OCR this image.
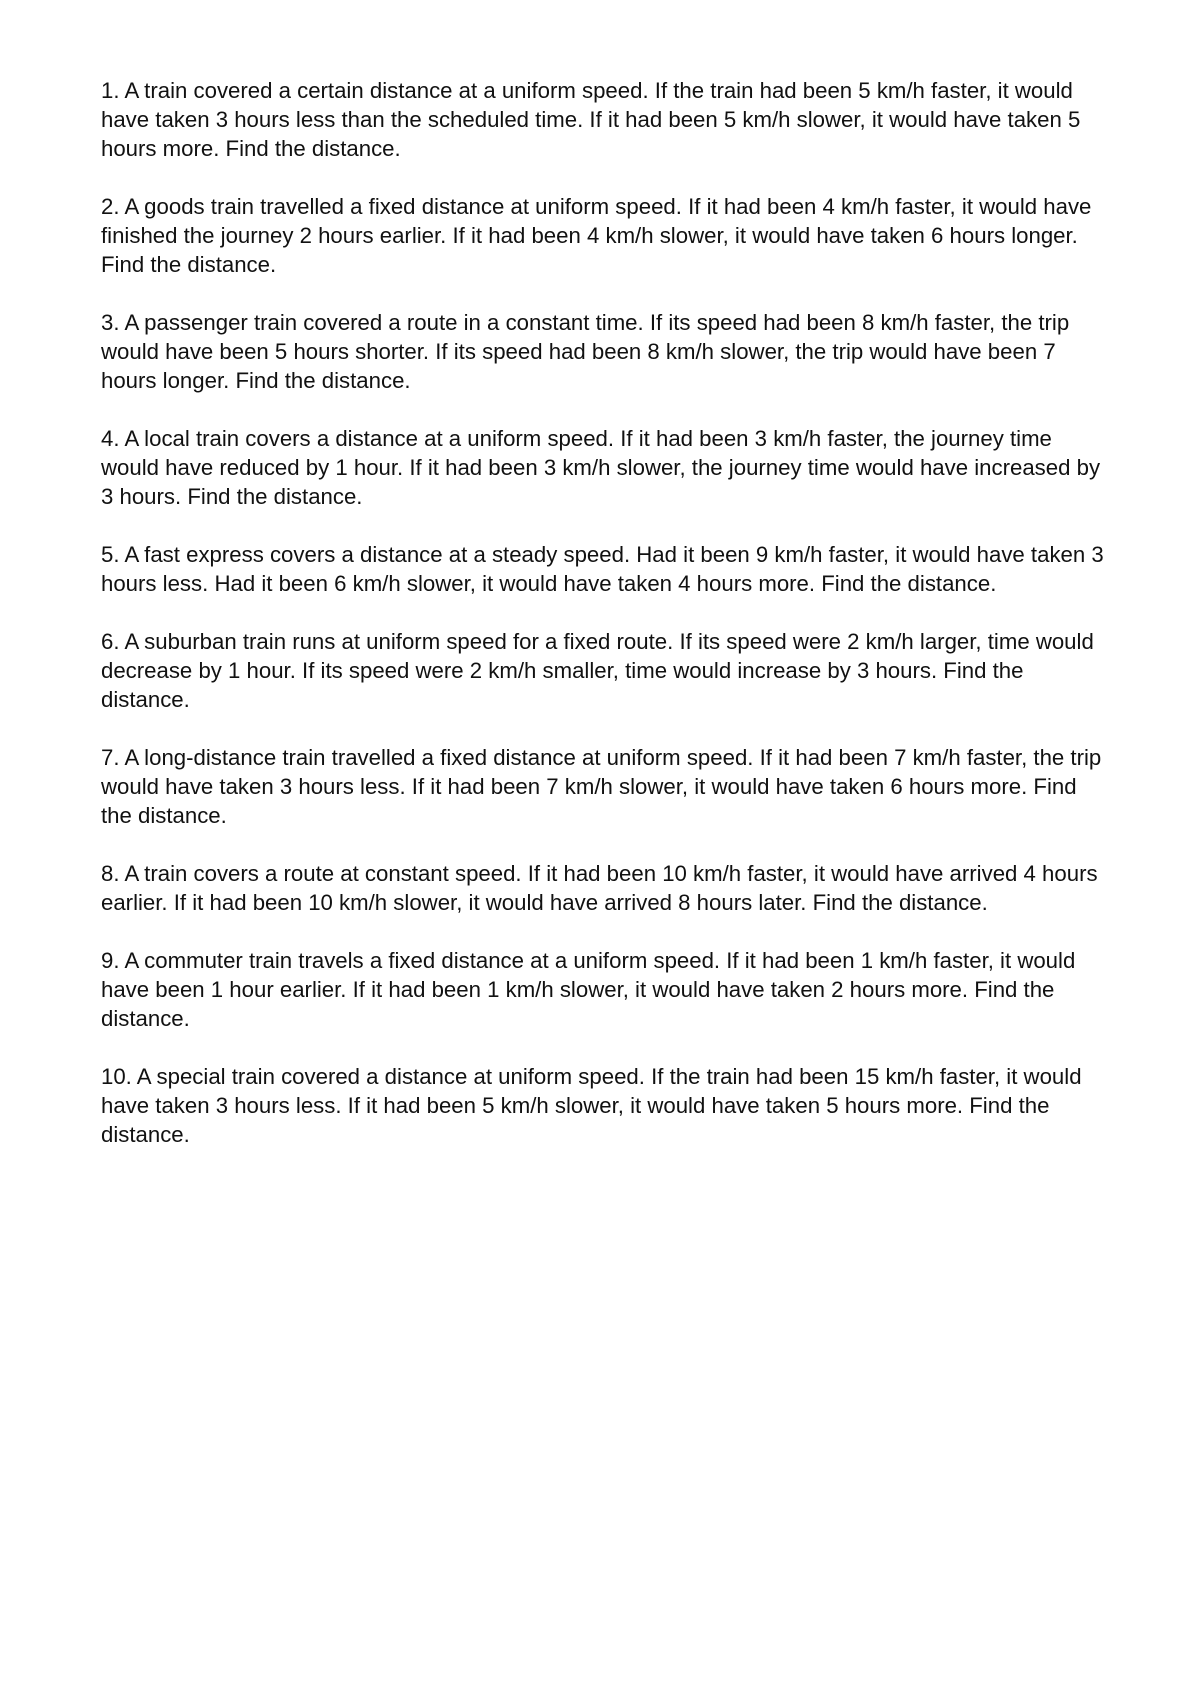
1. A train covered a certain distance at a uniform speed. If the train had been 5 km/h faster, it would have taken 3 hours less than the scheduled time. If it had been 5 km/h slower, it would have taken 5 hours more. Find the distance.

2. A goods train travelled a fixed distance at uniform speed. If it had been 4 km/h faster, it would have finished the journey 2 hours earlier. If it had been 4 km/h slower, it would have taken 6 hours longer. Find the distance.

3. A passenger train covered a route in a constant time. If its speed had been 8 km/h faster, the trip would have been 5 hours shorter. If its speed had been 8 km/h slower, the trip would have been 7 hours longer. Find the distance.

4. A local train covers a distance at a uniform speed. If it had been 3 km/h faster, the journey time would have reduced by 1 hour. If it had been 3 km/h slower, the journey time would have increased by 3 hours. Find the distance.

5. A fast express covers a distance at a steady speed. Had it been 9 km/h faster, it would have taken 3 hours less. Had it been 6 km/h slower, it would have taken 4 hours more. Find the distance.

6. A suburban train runs at uniform speed for a fixed route. If its speed were 2 km/h larger, time would decrease by 1 hour. If its speed were 2 km/h smaller, time would increase by 3 hours. Find the distance.

7. A long-distance train travelled a fixed distance at uniform speed. If it had been 7 km/h faster, the trip would have taken 3 hours less. If it had been 7 km/h slower, it would have taken 6 hours more. Find the distance.

8. A train covers a route at constant speed. If it had been 10 km/h faster, it would have arrived 4 hours earlier. If it had been 10 km/h slower, it would have arrived 8 hours later. Find the distance.

9. A commuter train travels a fixed distance at a uniform speed. If it had been 1 km/h faster, it would have been 1 hour earlier. If it had been 1 km/h slower, it would have taken 2 hours more. Find the distance.

10. A special train covered a distance at uniform speed. If the train had been 15 km/h faster, it would have taken 3 hours less. If it had been 5 km/h slower, it would have taken 5 hours more. Find the distance.
